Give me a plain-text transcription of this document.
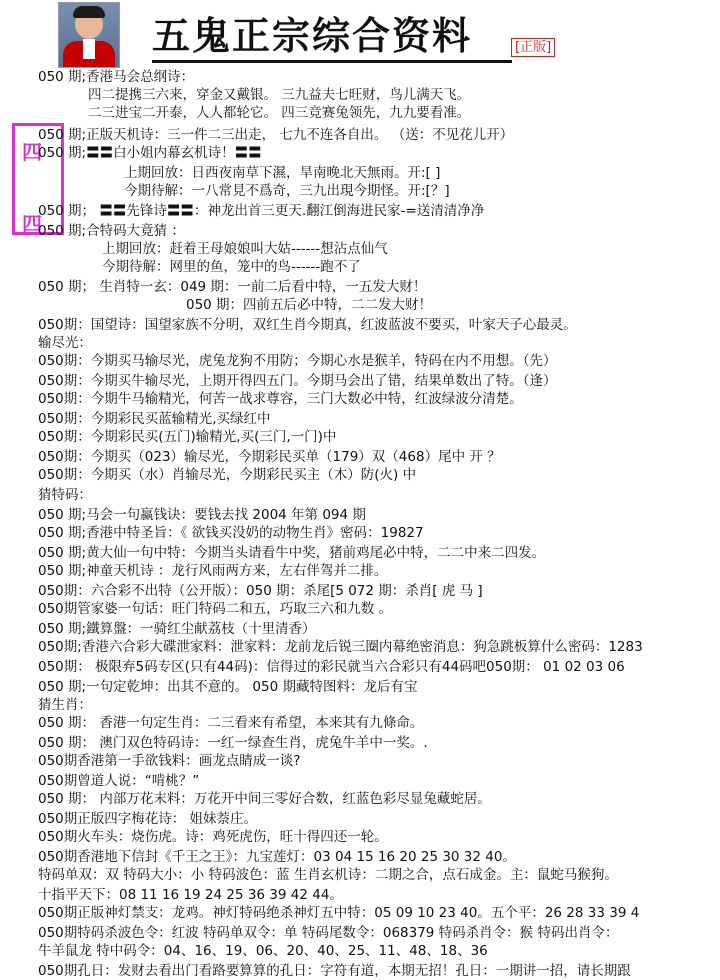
五鬼正宗综合资料	[正版]
四
四
050 期;香港马会总纲诗：
四二提携三六来，穿金又戴银。 三九益夫七旺财，鸟儿满天飞。
二三进宝二开泰，人人都轮它。 四三竞赛兔领先，九九要看准。
050 期;正版天机诗：三一件二三出走， 七九不连各自出。 （送：不见花儿开）
050 期;〓〓白小姐内幕玄机诗！〓〓
上期回放：日西夜南草下濕，旱南晚北天無雨。开:[ ]
今期待解：一八常見不爲奇，三九出現今期怪。开:[？]
050 期； 〓〓先锋诗〓〓：神龙出首三更天.翻江倒海进民家-=送清清净净
050 期;合特码大竟猜 ：
上期回放：赶着王母娘娘叫大姑------想沾点仙气
今期待解：网里的鱼，笼中的鸟------跑不了
050 期； 生肖特一玄：049 期：一前二后看中特，一五发大财！
050 期：四前五后必中特，二二发大财！
050期：国望诗：国望家族不分明，双红生肖今期真，红波蓝波不要买，叶家天子心最灵。
输尽光：
050期：今期买马输尽光，虎兔龙狗不用防；今期心水是猴羊，特码在内不用想。（先）
050期：今期买牛输尽光，上期开得四五门。今期马会出了错，结果单数出了特。（逢）
050期：今期牛马输精光，何苦一战求尊容，三门大数必中特，红波绿波分清楚。
050期：今期彩民买蓝输精光,买绿红中
050期：今期彩民买(五门)输精光,买(三门,一门)中
050期：今期买（023）输尽光，今期彩民买单（179）双（468）尾中 开 ？
050期：今期买（水）肖输尽光，今期彩民买主（木）防(火) 中
猜特码：
050 期;马会一句赢钱诀：要钱去找 2004 年第 094 期
050 期;香港中特圣旨：《 欲钱买没奶的动物生肖》密码：19827
050 期;黄大仙一句中特：今期当头请看牛中奖，猪前鸡尾必中特，二二中来二四发。
050 期;神童天机诗 ：龙行风雨两方来，左右伴驾并二排。
050期：六合彩不出特（公开版）：050 期：杀尾[5 072 期：杀肖[ 虎 马 ]
050期管家婆一句话：旺门特码二和五，巧取三六和九数 。
050 期;鐵算盤：一骑红尘献荔枝（十里清香）
050期;香港六合彩大碟泄家料：泄家料：龙前龙后锐三圈内幕绝密消息：狗急跳板算什么密码：1283
050期： 极限弃5码专区(只有44码)：信得过的彩民就当六合彩只有44码吧050期： 01 02 03 06
050 期;一句定乾坤：出其不意的。 050 期藏特图料：龙后有宝
猜生肖：
050 期： 香港一句定生肖：二三看来有希望，本来其有九條命。
050 期： 澳门双色特码诗：一红一绿查生肖，虎兔牛羊中一奖。.
050期香港第一手欲钱料：画龙点睛成一谈?
050期曾道人说：“啃桃？”
050 期： 内部万花末料：万花开中间三零好合数，红蓝色彩尽显兔藏蛇居。
050期正版四字梅花诗： 姐妹萘庄。
050期火车头：烧伤虎。诗：鸡死虎伤，旺十得四还一轮。
050期香港地下信封《千王之王》：九宝莲灯：03 04 15 16 20 25 30 32 40。
特码单双：双 特码大小：小 特码波色：蓝 生肖玄机诗：二期之合，点石成金。主：鼠蛇马猴狗。
十指平天下：08 11 16 19 24 25 36 39 42 44。
050期正版神灯禁支：龙鸡。神灯特码绝杀神灯五中特：05 09 10 23 40。五个平：26 28 33 39 4
050期特码杀波色令：红波 特码单双令：单 特码尾数令：068379 特码杀肖令：猴 特码出肖令：
牛羊鼠龙 特中码令：04、16、19、06、20、40、25、11、48、18、36
050期孔日：发财去看出门看路要算算的孔日：字符有道，本期无招！孔日：一期讲一招，请长期跟
